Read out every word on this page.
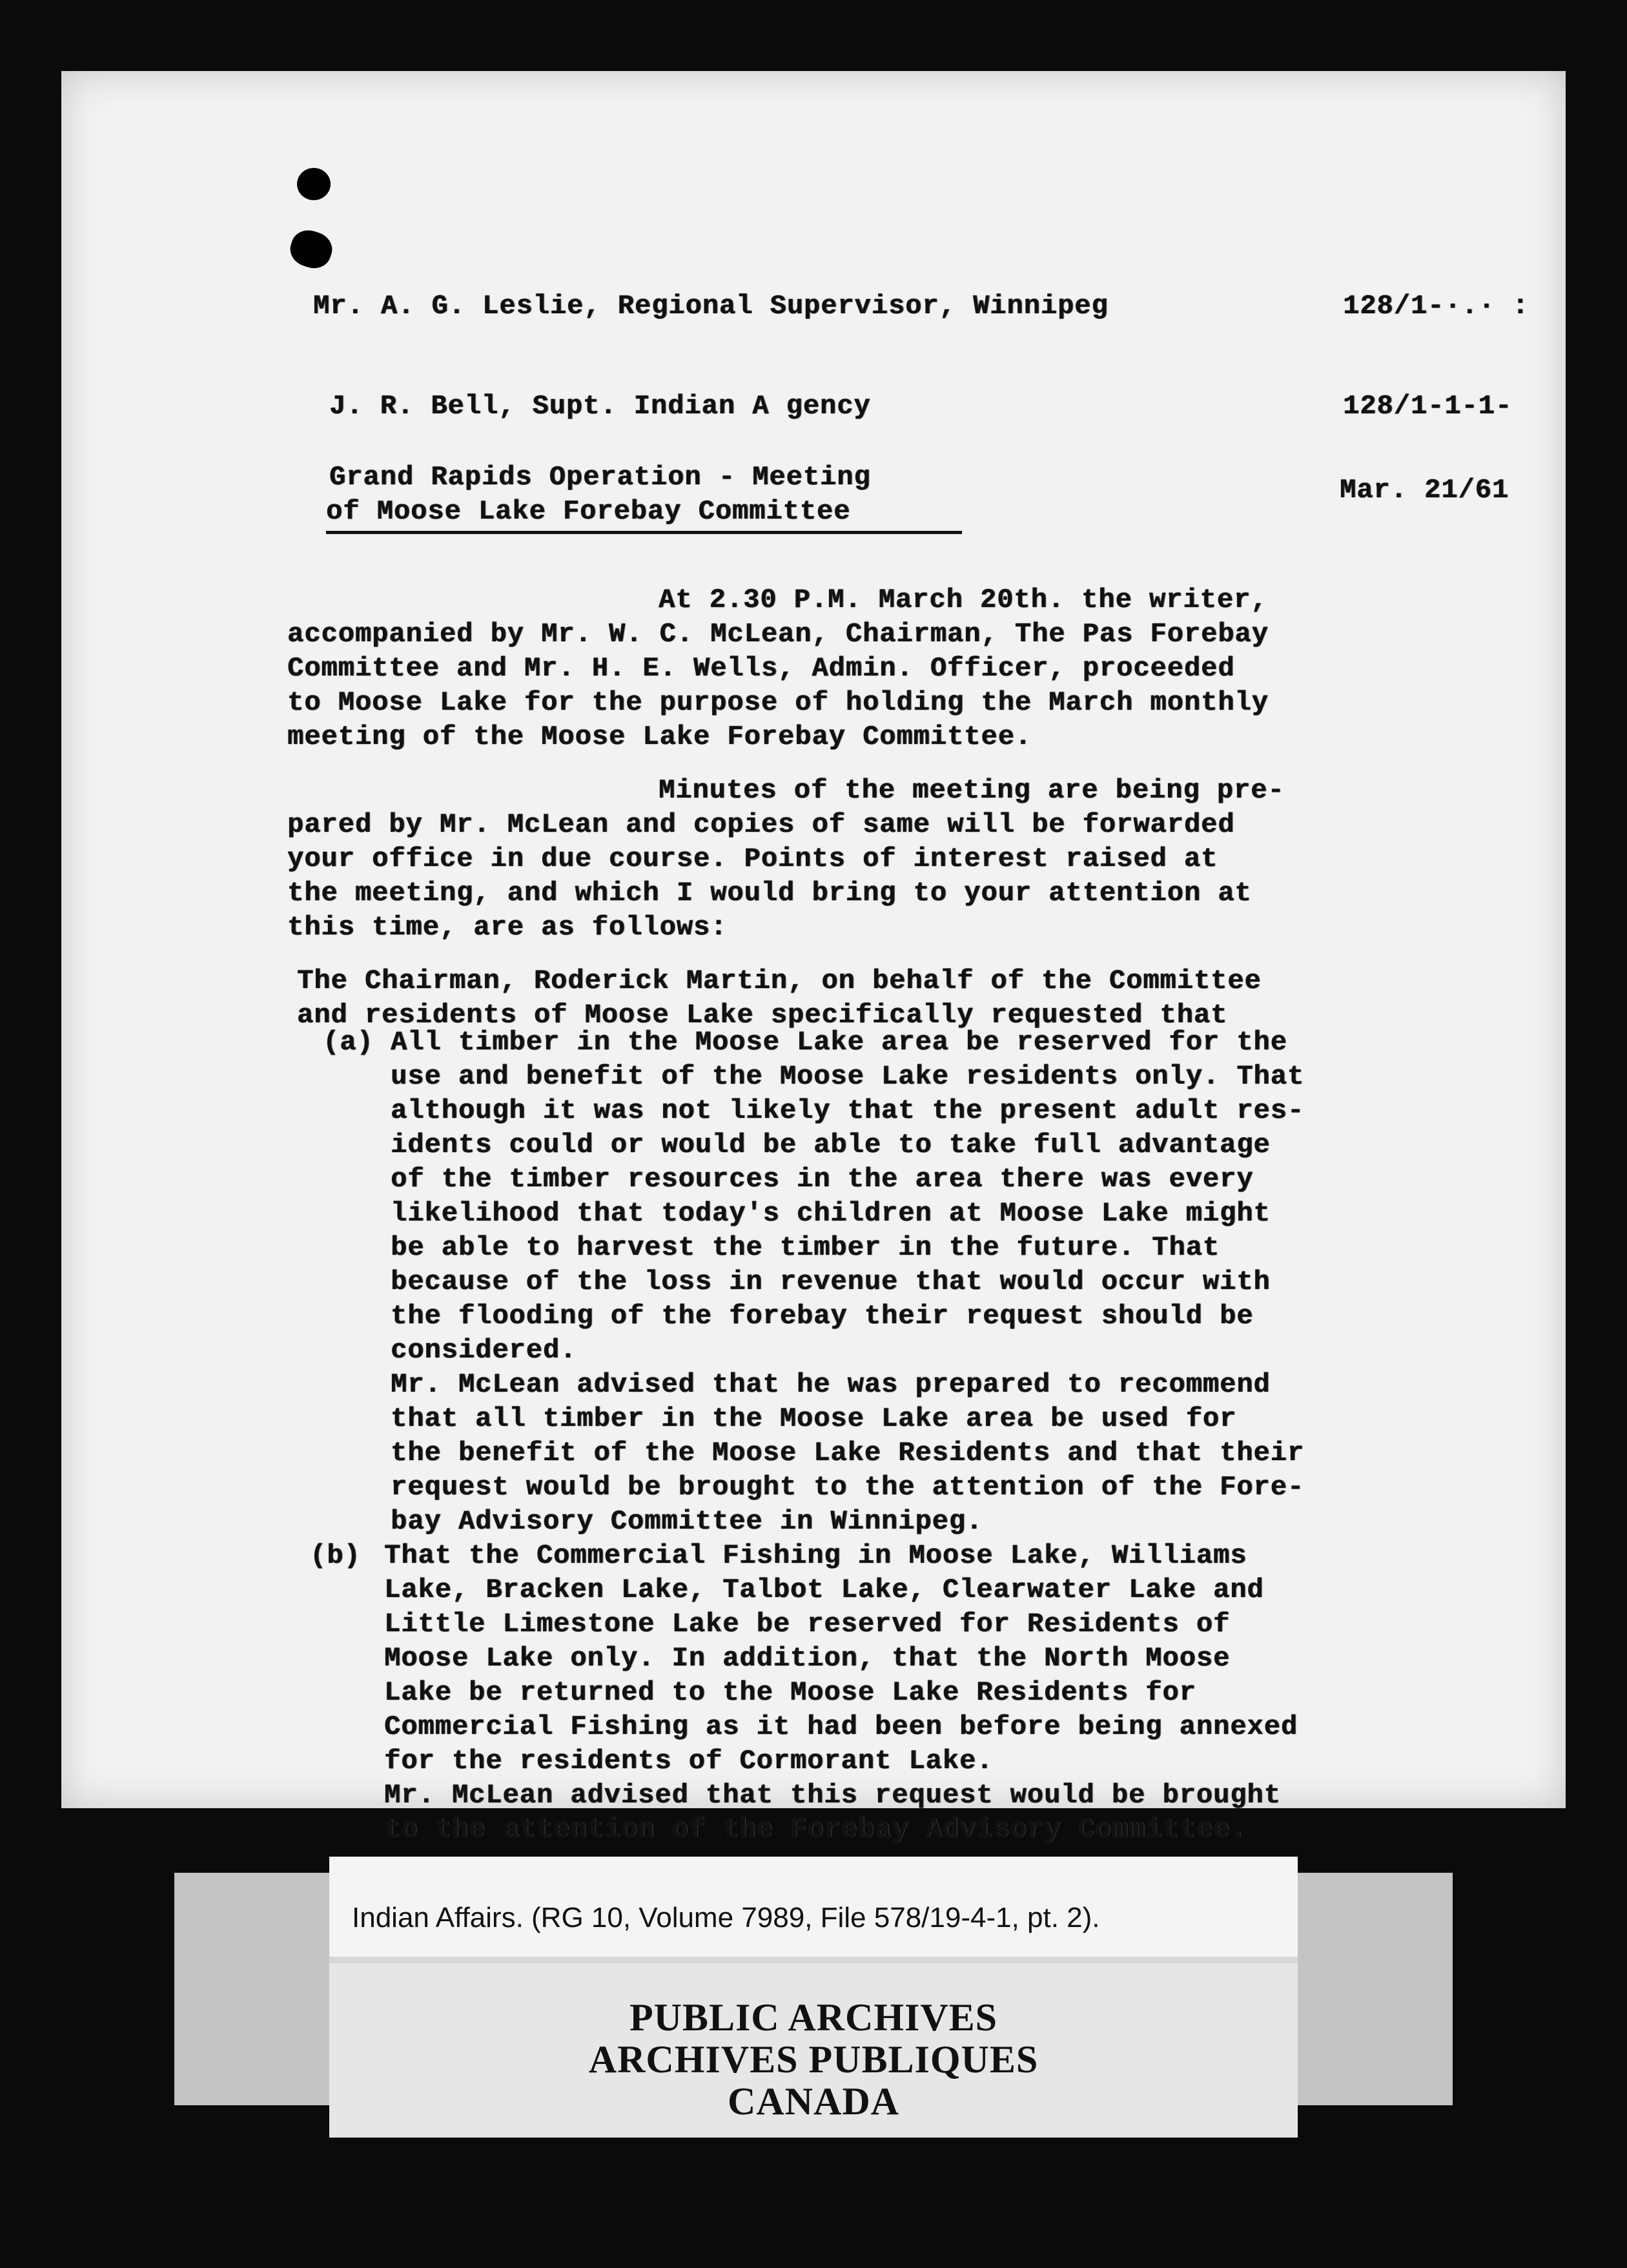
Mr. A. G. Leslie, Regional Supervisor, Winnipeg	128/1-·.· :
J. R. Bell, Supt. Indian A gency	128/1-1-1-
Grand Rapids Operation - Meeting
of Moose Lake Forebay Committee
Mar. 21/61
At 2.30 P.M. March 20th. the writer,
accompanied by Mr. W. C. McLean, Chairman, The Pas Forebay
Committee and Mr. H. E. Wells, Admin. Officer, proceeded
to Moose Lake for the purpose of holding the March monthly
meeting of the Moose Lake Forebay Committee.
Minutes of the meeting are being pre-
pared by Mr. McLean and copies of same will be forwarded
your office in due course. Points of interest raised at
the meeting, and which I would bring to your attention at
this time, are as follows:
The Chairman, Roderick Martin, on behalf of the Committee
and residents of Moose Lake specifically requested that
(a) All timber in the Moose Lake area be reserved for the
use and benefit of the Moose Lake residents only. That
although it was not likely that the present adult res-
idents could or would be able to take full advantage
of the timber resources in the area there was every
likelihood that today's children at Moose Lake might
be able to harvest the timber in the future. That
because of the loss in revenue that would occur with
the flooding of the forebay their request should be
considered.
Mr. McLean advised that he was prepared to recommend
that all timber in the Moose Lake area be used for
the benefit of the Moose Lake Residents and that their
request would be brought to the attention of the Fore-
bay Advisory Committee in Winnipeg.
(b) That the Commercial Fishing in Moose Lake, Williams
Lake, Bracken Lake, Talbot Lake, Clearwater Lake and
Little Limestone Lake be reserved for Residents of
Moose Lake only. In addition, that the North Moose
Lake be returned to the Moose Lake Residents for
Commercial Fishing as it had been before being annexed
for the residents of Cormorant Lake.
Indian Affairs. (RG 10, Volume 7989, File 578/19-4-1, pt. 2).
PUBLIC ARCHIVES
ARCHIVES PUBLIQUES
CANADA
Mr. McLean advised that this request would be brought
to the attention of the Forebay Advisory Committee.
